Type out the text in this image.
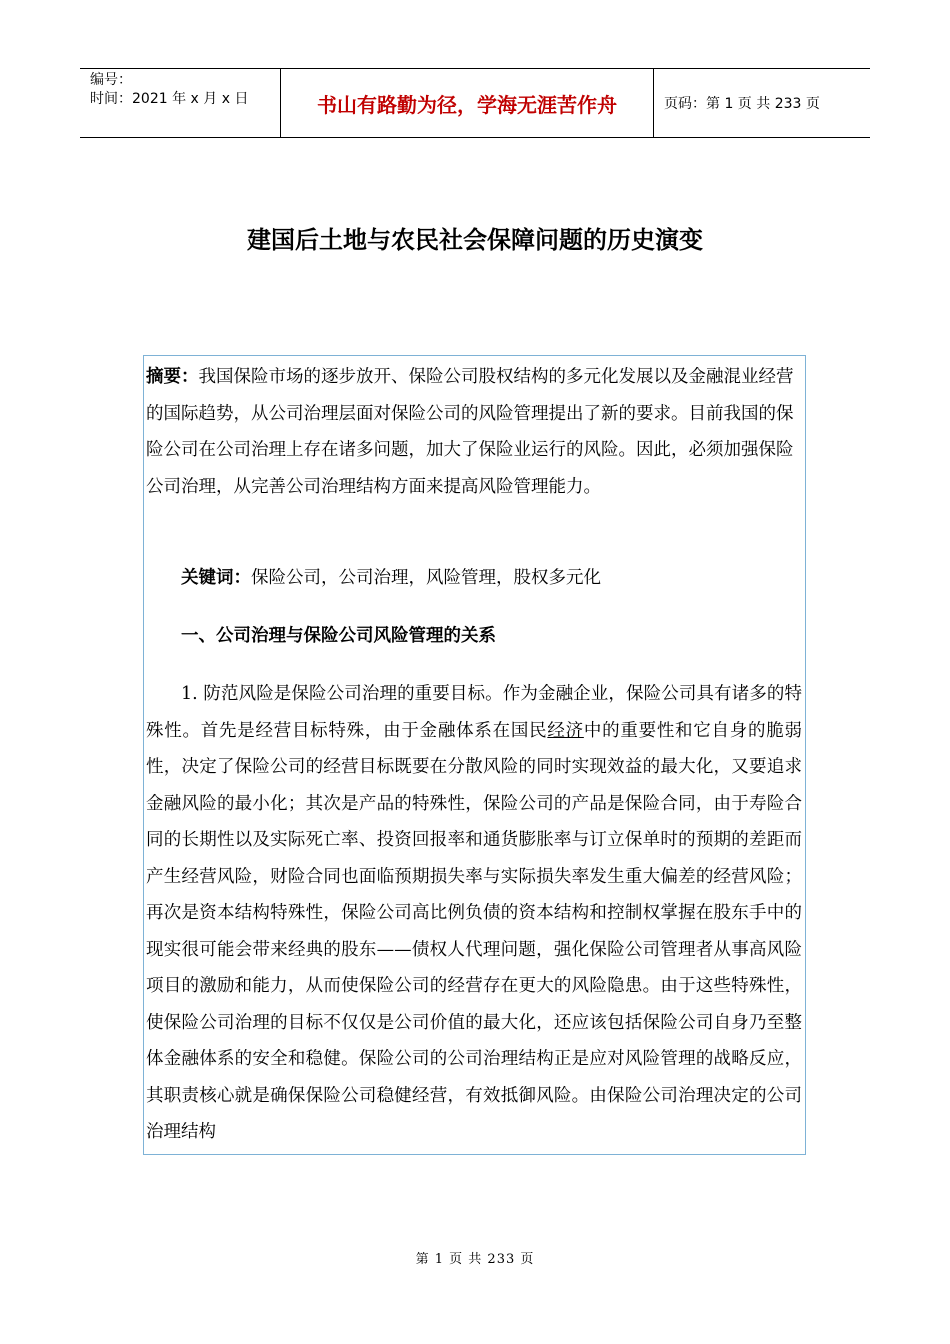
编号：
时间：2021 年 x 月 x 日	书山有路勤为径，学海无涯苦作舟	页码：第 1 页 共 233 页
建国后土地与农民社会保障问题的历史演变
摘要：我国保险市场的逐步放开、保险公司股权结构的多元化发展以及金融混业经营的国际趋势，从公司治理层面对保险公司的风险管理提出了新的要求。目前我国的保险公司在公司治理上存在诸多问题，加大了保险业运行的风险。因此，必须加强保险公司治理，从完善公司治理结构方面来提高风险管理能力。
关键词：保险公司，公司治理，风险管理，股权多元化
一、公司治理与保险公司风险管理的关系

1. 防范风险是保险公司治理的重要目标。作为金融企业，保险公司具有诸多的特殊性。首先是经营目标特殊，由于金融体系在国民经济中的重要性和它自身的脆弱性，决定了保险公司的经营目标既要在分散风险的同时实现效益的最大化，又要追求金融风险的最小化；其次是产品的特殊性，保险公司的产品是保险合同，由于寿险合同的长期性以及实际死亡率、投资回报率和通货膨胀率与订立保单时的预期的差距而产生经营风险，财险合同也面临预期损失率与实际损失率发生重大偏差的经营风险；再次是资本结构特殊性，保险公司高比例负债的资本结构和控制权掌握在股东手中的现实很可能会带来经典的股东——债权人代理问题，强化保险公司管理者从事高风险项目的激励和能力，从而使保险公司的经营存在更大的风险隐患。由于这些特殊性，使保险公司治理的目标不仅仅是公司价值的最大化，还应该包括保险公司自身乃至整体金融体系的安全和稳健。保险公司的公司治理结构正是应对风险管理的战略反应，其职责核心就是确保保险公司稳健经营，有效抵御风险。由保险公司治理决定的公司治理结构

第 1 页 共 233 页
